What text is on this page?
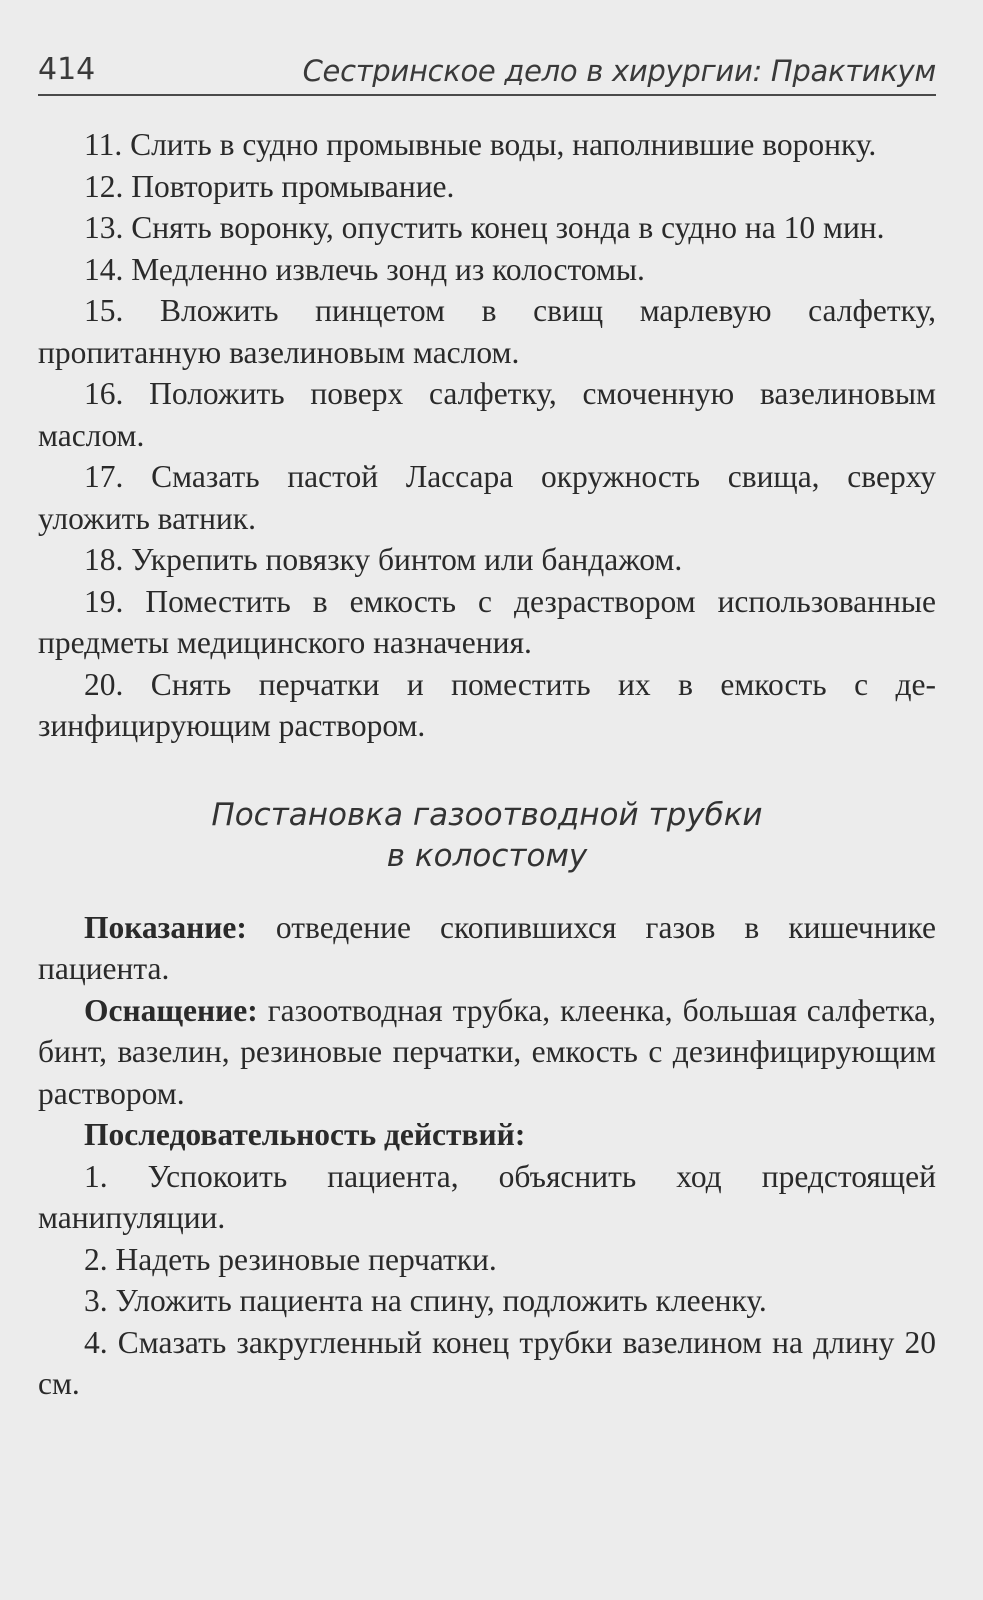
414	Сестринское дело в хирургии: Практикум

11. Слить в судно промывные воды, наполнившие воронку.

12. Повторить промывание.

13. Снять воронку, опустить конец зонда в судно на 10 мин.

14. Медленно извлечь зонд из колостомы.

15. Вложить пинцетом в свищ марлевую салфетку, пропитанную вазелиновым маслом.

16. Положить поверх салфетку, смоченную вазелиновым маслом.

17. Смазать пастой Лассара окружность свища, сверху уложить ватник.

18. Укрепить повязку бинтом или бандажом.

19. Поместить в емкость с дезраствором использованные предметы медицинского назначения.

20. Снять перчатки и поместить их в емкость с дезинфицирующим раствором.

Постановка газоотводной трубки
в колостому

Показание: отведение скопившихся газов в кишечнике пациента.

Оснащение: газоотводная трубка, клеенка, большая салфетка, бинт, вазелин, резиновые перчатки, емкость с дезинфицирующим раствором.

Последовательность действий:

1. Успокоить пациента, объяснить ход предстоящей манипуляции.

2. Надеть резиновые перчатки.

3. Уложить пациента на спину, подложить клеенку.

4. Смазать закругленный конец трубки вазелином на длину 20 см.
